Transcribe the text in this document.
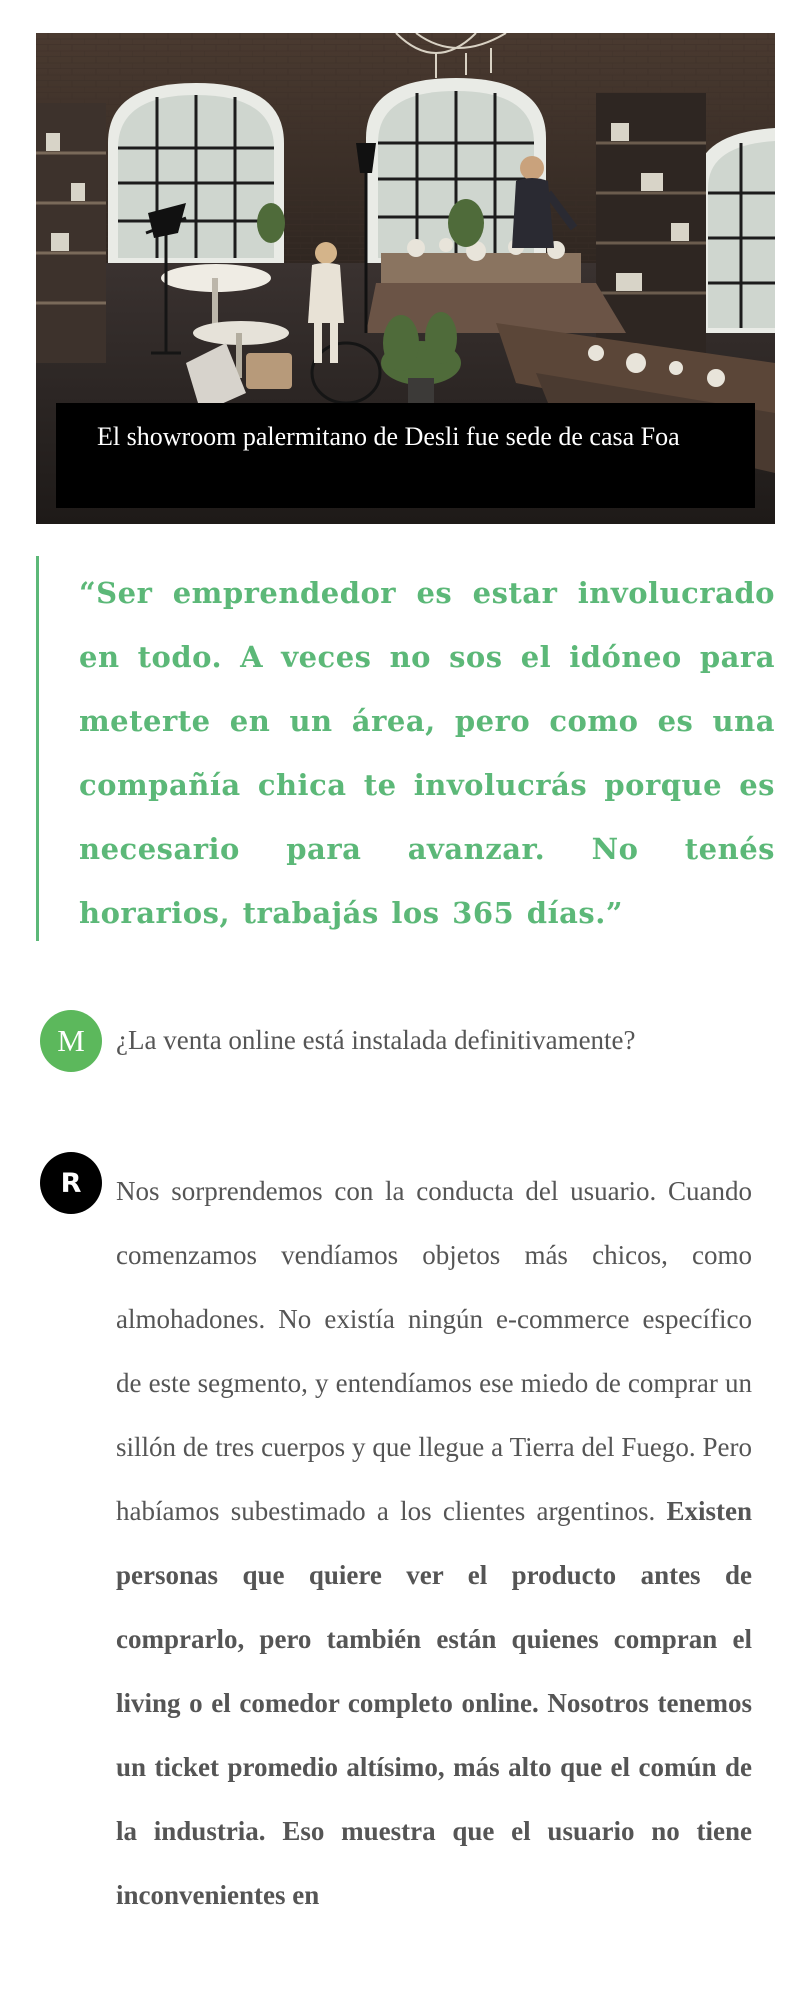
El showroom palermitano de Desli fue sede de casa Foa

“Ser emprendedor es estar involucrado en todo. A veces no sos el idóneo para meterte en un área, pero como es una compañía chica te involucrás porque es necesario para avanzar. No tenés horarios, trabajás los 365 días.”

M ¿La venta online está instalada definitivamente?

R Nos sorprendemos con la conducta del usuario. Cuando comenzamos vendíamos objetos más chicos, como almohadones. No existía ningún e-commerce específico de este segmento, y entendíamos ese miedo de comprar un sillón de tres cuerpos y que llegue a Tierra del Fuego. Pero habíamos subestimado a los clientes argentinos. Existen personas que quiere ver el producto antes de comprarlo, pero también están quienes compran el living o el comedor completo online. Nosotros tenemos un ticket promedio altísimo, más alto que el común de la industria. Eso muestra que el usuario no tiene inconvenientes en
